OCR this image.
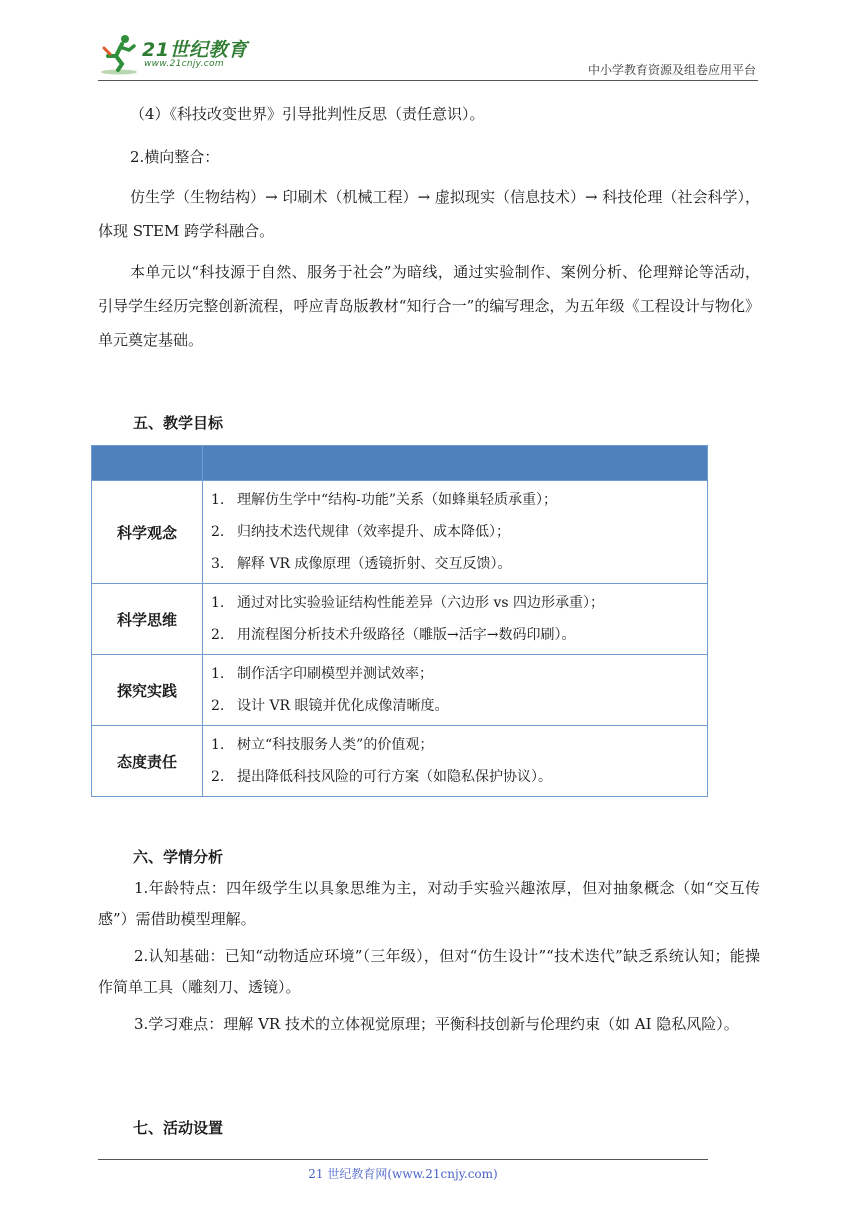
21世纪教育
www.21cnjy.com	中小学教育资源及组卷应用平台
（4）《科技改变世界》引导批判性反思（责任意识）。
2.横向整合：
仿生学（生物结构）→ 印刷术（机械工程）→ 虚拟现实（信息技术）→ 科技伦理（社会科学），体现 STEM 跨学科融合。
本单元以“科技源于自然、服务于社会”为暗线，通过实验制作、案例分析、伦理辩论等活动，引导学生经历完整创新流程，呼应青岛版教材“知行合一”的编写理念，为五年级《工程设计与物化》单元奠定基础。
五、教学目标

科学观念	1. 理解仿生学中“结构-功能”关系（如蜂巢轻质承重）；
2. 归纳技术迭代规律（效率提升、成本降低）；
3. 解释 VR 成像原理（透镜折射、交互反馈）。

科学思维	1. 通过对比实验验证结构性能差异（六边形 vs 四边形承重）；
2. 用流程图分析技术升级路径（雕版→活字→数码印刷）。

探究实践	1. 制作活字印刷模型并测试效率；
2. 设计 VR 眼镜并优化成像清晰度。

态度责任	1. 树立“科技服务人类”的价值观；
2. 提出降低科技风险的可行方案（如隐私保护协议）。
六、学情分析
1.年龄特点：四年级学生以具象思维为主，对动手实验兴趣浓厚，但对抽象概念（如“交互传感”）需借助模型理解。
2.认知基础：已知“动物适应环境”（三年级），但对“仿生设计”“技术迭代”缺乏系统认知；能操作简单工具（雕刻刀、透镜）。
3.学习难点：理解 VR 技术的立体视觉原理；平衡科技创新与伦理约束（如 AI 隐私风险）。
七、活动设置
21 世纪教育网(www.21cnjy.com)
